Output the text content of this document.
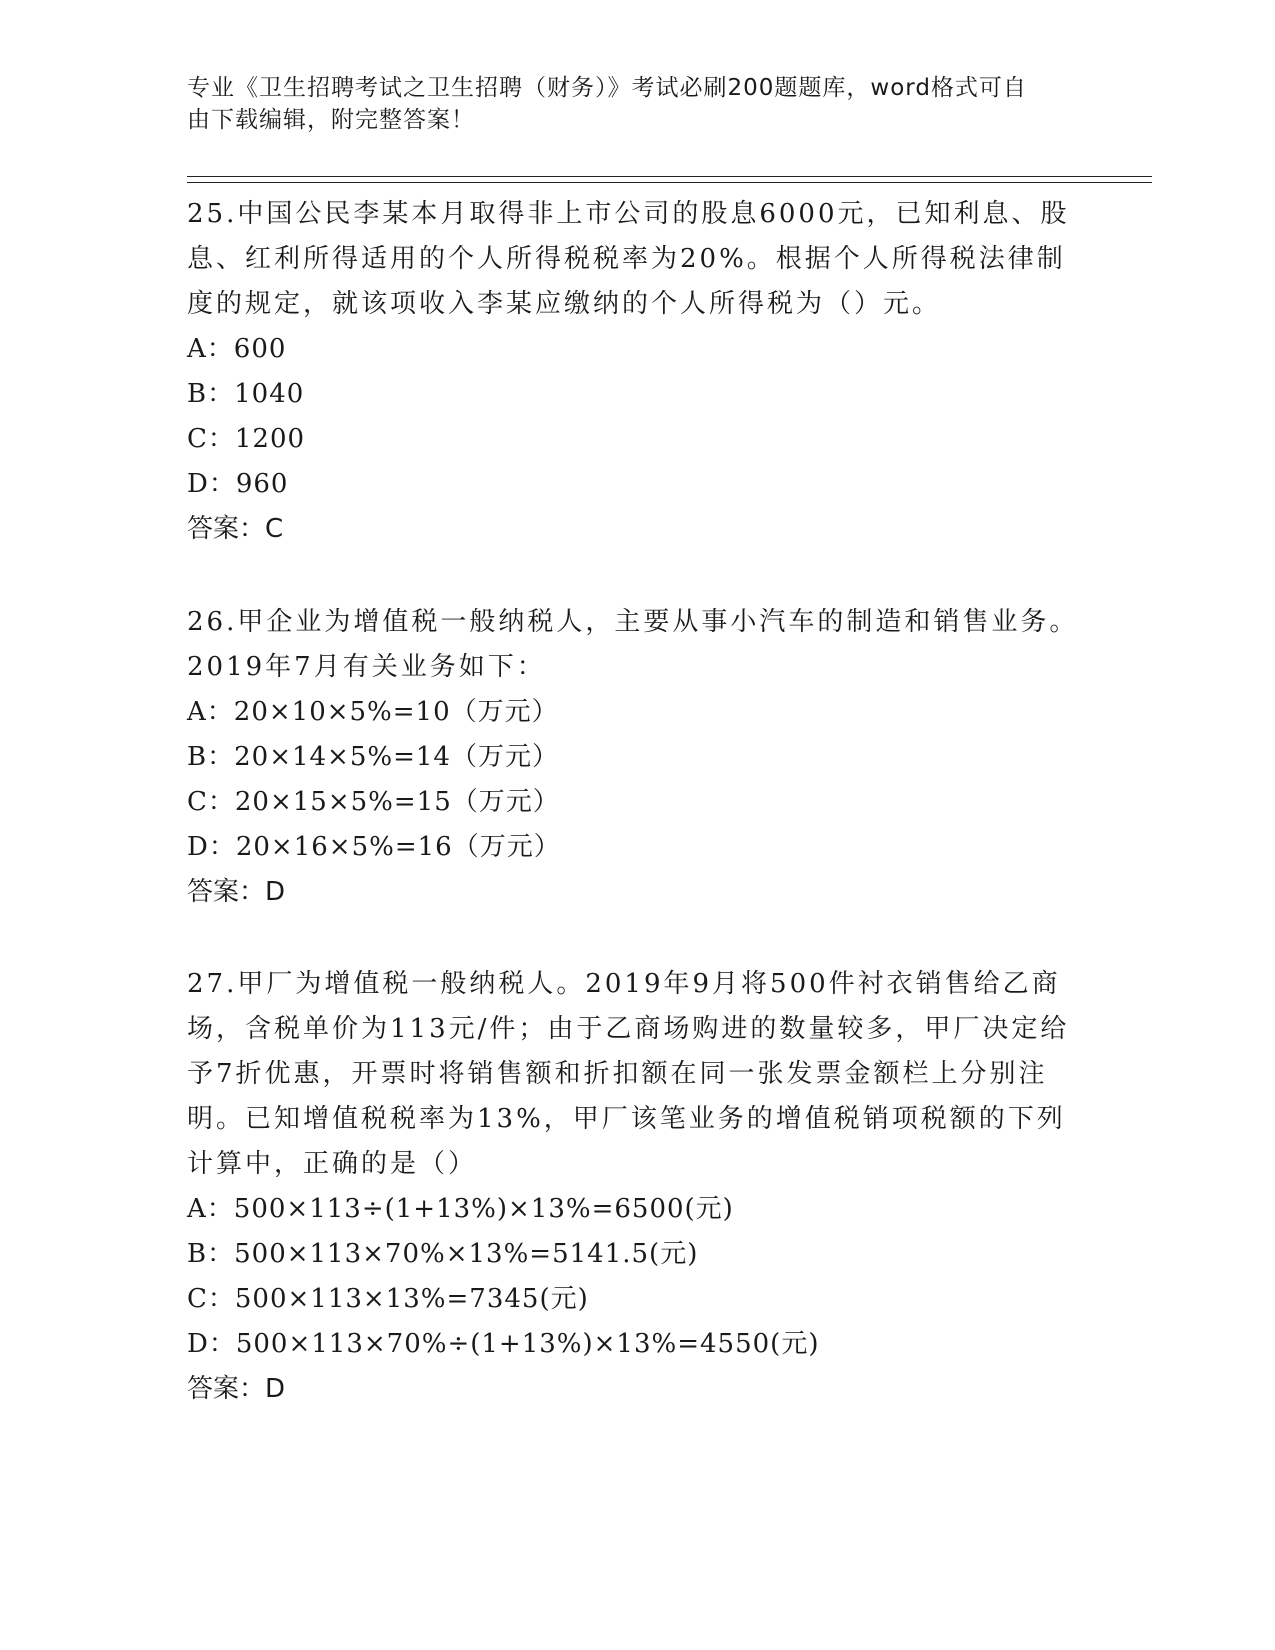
专业《卫生招聘考试之卫生招聘（财务）》考试必刷200题题库，word格式可自
由下载编辑，附完整答案！

25.中国公民李某本月取得非上市公司的股息6000元，已知利息、股息、红利所得适用的个人所得税税率为20%。根据个人所得税法律制度的规定，就该项收入李某应缴纳的个人所得税为（）元。

A：600

B：1040

C：1200

D：960

答案：C

26.甲企业为增值税一般纳税人，主要从事小汽车的制造和销售业务。2019年7月有关业务如下：

A：20×10×5%=10（万元）

B：20×14×5%=14（万元）

C：20×15×5%=15（万元）

D：20×16×5%=16（万元）

答案：D

27.甲厂为增值税一般纳税人。2019年9月将500件衬衣销售给乙商场，含税单价为113元/件；由于乙商场购进的数量较多，甲厂决定给予7折优惠，开票时将销售额和折扣额在同一张发票金额栏上分别注明。已知增值税税率为13%，甲厂该笔业务的增值税销项税额的下列计算中，正确的是（）

A：500×113÷(1+13%)×13%=6500(元)

B：500×113×70%×13%=5141.5(元)

C：500×113×13%=7345(元)

D：500×113×70%÷(1+13%)×13%=4550(元)

答案：D
